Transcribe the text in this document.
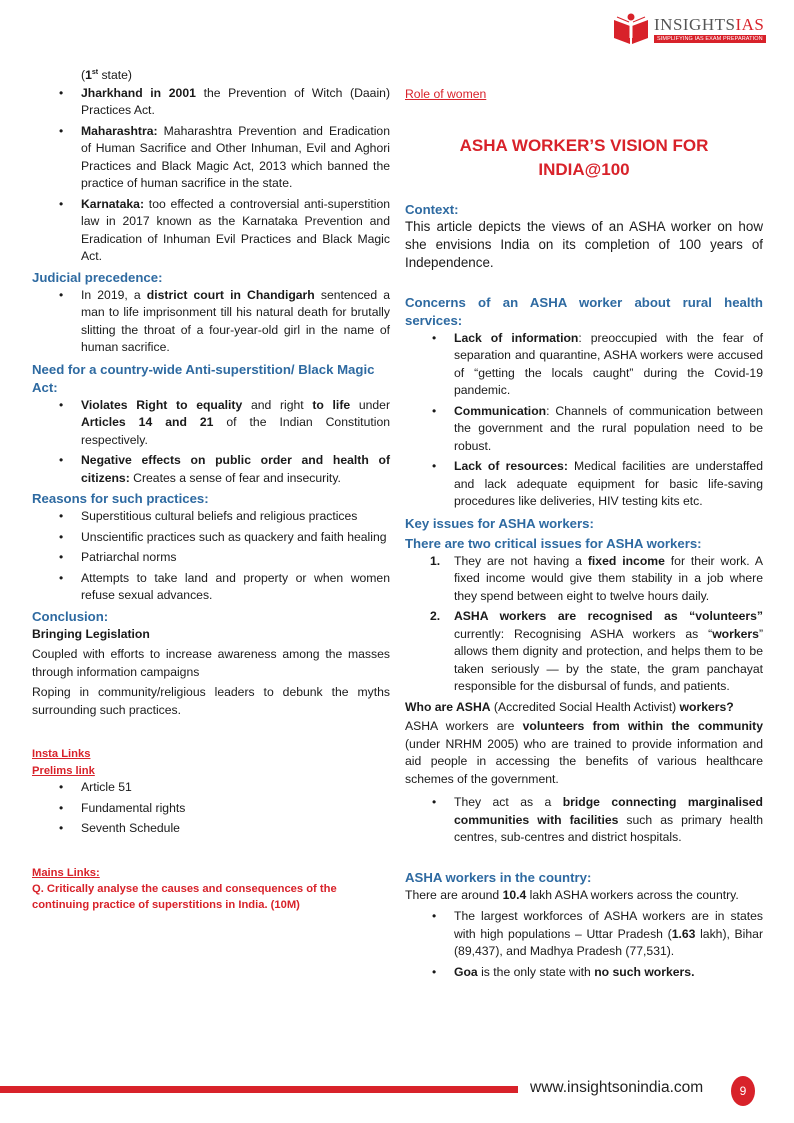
INSIGHTSIAS
SIMPLIFYING IAS EXAM PREPARATION
(1st state)
• Jharkhand in 2001 the Prevention of Witch (Daain) Practices Act.
• Maharashtra: Maharashtra Prevention and Eradication of Human Sacrifice and Other Inhuman, Evil and Aghori Practices and Black Magic Act, 2013 which banned the practice of human sacrifice in the state.
• Karnataka: too effected a controversial anti-superstition law in 2017 known as the Karnataka Prevention and Eradication of Inhuman Evil Practices and Black Magic Act.
Judicial precedence:
• In 2019, a district court in Chandigarh sentenced a man to life imprisonment till his natural death for brutally slitting the throat of a four-year-old girl in the name of human sacrifice.
Need for a country-wide Anti-superstition/ Black Magic Act:
• Violates Right to equality and right to life under Articles 14 and 21 of the Indian Constitution respectively.
• Negative effects on public order and health of citizens: Creates a sense of fear and insecurity.
Reasons for such practices:
• Superstitious cultural beliefs and religious practices
• Unscientific practices such as quackery and faith healing
• Patriarchal norms
• Attempts to take land and property or when women refuse sexual advances.
Conclusion:
Bringing Legislation
Coupled with efforts to increase awareness among the masses through information campaigns
Roping in community/religious leaders to debunk the myths surrounding such practices.
Insta Links
Prelims link
• Article 51
• Fundamental rights
• Seventh Schedule
Mains Links:
Q. Critically analyse the causes and consequences of the continuing practice of superstitions in India. (10M)
Role of women
ASHA WORKER’S VISION FOR INDIA@100
Context:
This article depicts the views of an ASHA worker on how she envisions India on its completion of 100 years of Independence.
Concerns of an ASHA worker about rural health services:
• Lack of information: preoccupied with the fear of separation and quarantine, ASHA workers were accused of “getting the locals caught” during the Covid-19 pandemic.
• Communication: Channels of communication between the government and the rural population need to be robust.
• Lack of resources: Medical facilities are understaffed and lack adequate equipment for basic life-saving procedures like deliveries, HIV testing kits etc.
Key issues for ASHA workers:
There are two critical issues for ASHA workers:
1. They are not having a fixed income for their work. A fixed income would give them stability in a job where they spend between eight to twelve hours daily.
2. ASHA workers are recognised as “volunteers” currently: Recognising ASHA workers as “workers” allows them dignity and protection, and helps them to be taken seriously — by the state, the gram panchayat responsible for the disbursal of funds, and patients.
Who are ASHA (Accredited Social Health Activist) workers?
ASHA workers are volunteers from within the community (under NRHM 2005) who are trained to provide information and aid people in accessing the benefits of various healthcare schemes of the government.
• They act as a bridge connecting marginalised communities with facilities such as primary health centres, sub-centres and district hospitals.
ASHA workers in the country:
There are around 10.4 lakh ASHA workers across the country.
• The largest workforces of ASHA workers are in states with high populations – Uttar Pradesh (1.63 lakh), Bihar (89,437), and Madhya Pradesh (77,531).
• Goa is the only state with no such workers.
www.insightsonindia.com	9
